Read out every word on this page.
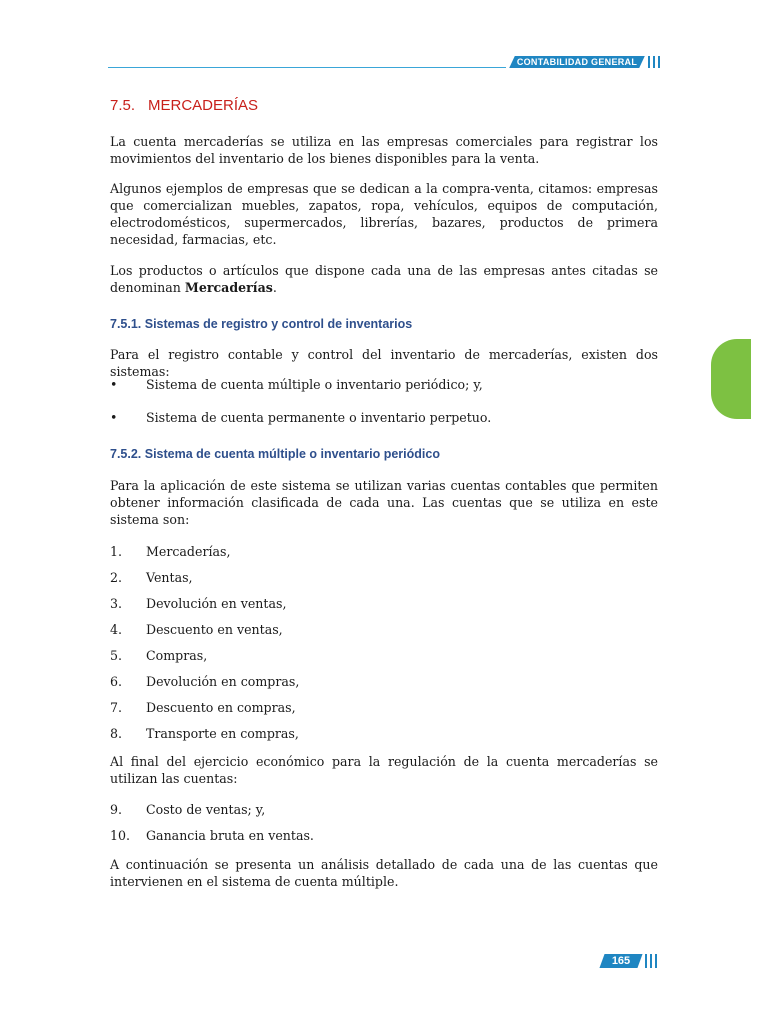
CONTABILIDAD GENERAL
7.5. MERCADERÍAS
La cuenta mercaderías se utiliza en las empresas comerciales para registrar los movimientos del inventario de los bienes disponibles para la venta.
Algunos ejemplos de empresas que se dedican a la compra-venta, citamos: empresas que comercializan muebles, zapatos, ropa, vehículos, equipos de computación, electrodomésticos, supermercados, librerías, bazares, productos de primera necesidad, farmacias, etc.
Los productos o artículos que dispone cada una de las empresas antes citadas se denominan Mercaderías.
7.5.1. Sistemas de registro y control de inventarios
Para el registro contable y control del inventario de mercaderías, existen dos sistemas:
•	Sistema de cuenta múltiple o inventario periódico; y,
•	Sistema de cuenta permanente o inventario perpetuo.
7.5.2. Sistema de cuenta múltiple o inventario periódico
Para la aplicación de este sistema se utilizan varias cuentas contables que permiten obtener información clasificada de cada una. Las cuentas que se utiliza en este sistema son:
1.	Mercaderías,
2.	Ventas,
3.	Devolución en ventas,
4.	Descuento en ventas,
5.	Compras,
6.	Devolución en compras,
7.	Descuento en compras,
8.	Transporte en compras,
Al final del ejercicio económico para la regulación de la cuenta mercaderías se utilizan las cuentas:
9.	Costo de ventas; y,
10.	Ganancia bruta en ventas.
A continuación se presenta un análisis detallado de cada una de las cuentas que intervienen en el sistema de cuenta múltiple.
165
